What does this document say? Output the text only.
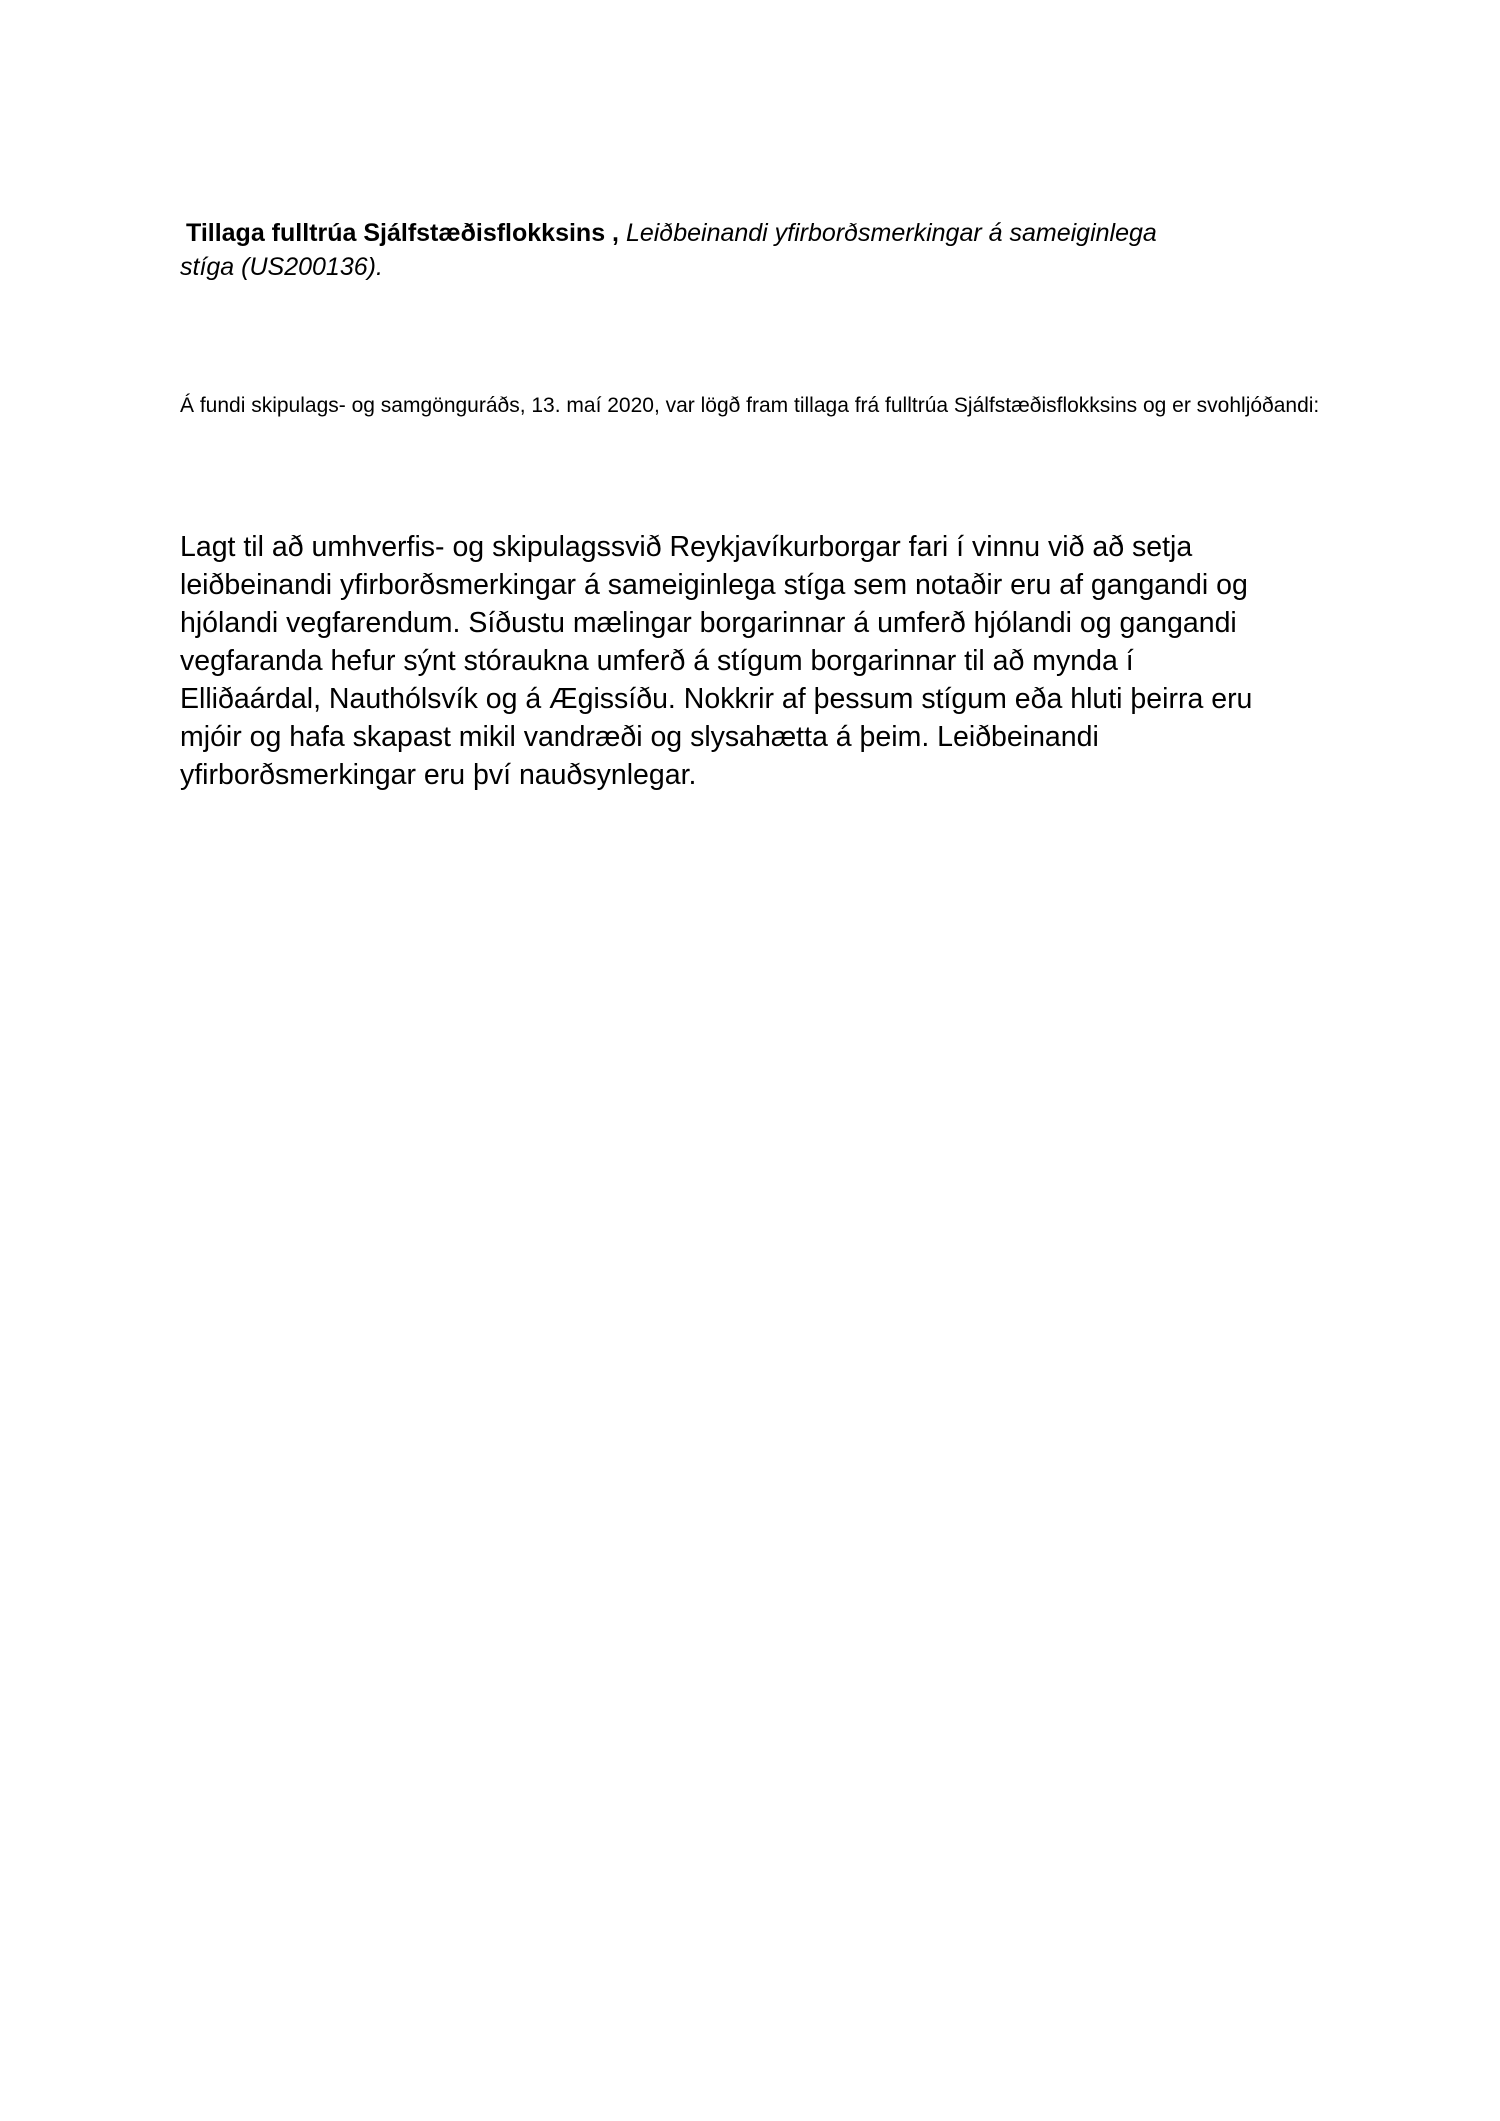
Tillaga fulltrúa Sjálfstæðisflokksins , Leiðbeinandi yfirborðsmerkingar á sameiginlega stíga (US200136).

Á fundi skipulags- og samgönguráðs, 13. maí 2020, var lögð fram tillaga frá fulltrúa Sjálfstæðisflokksins og er svohljóðandi:

Lagt til að umhverfis- og skipulagssvið Reykjavíkurborgar fari í vinnu við að setja leiðbeinandi yfirborðsmerkingar á sameiginlega stíga sem notaðir eru af gangandi og hjólandi vegfarendum. Síðustu mælingar borgarinnar á umferð hjólandi og gangandi vegfaranda hefur sýnt stóraukna umferð á stígum borgarinnar til að mynda í Elliðaárdal, Nauthólsvík og á Ægissíðu. Nokkrir af þessum stígum eða hluti þeirra eru mjóir og hafa skapast mikil vandræði og slysahætta á þeim. Leiðbeinandi yfirborðsmerkingar eru því nauðsynlegar.
